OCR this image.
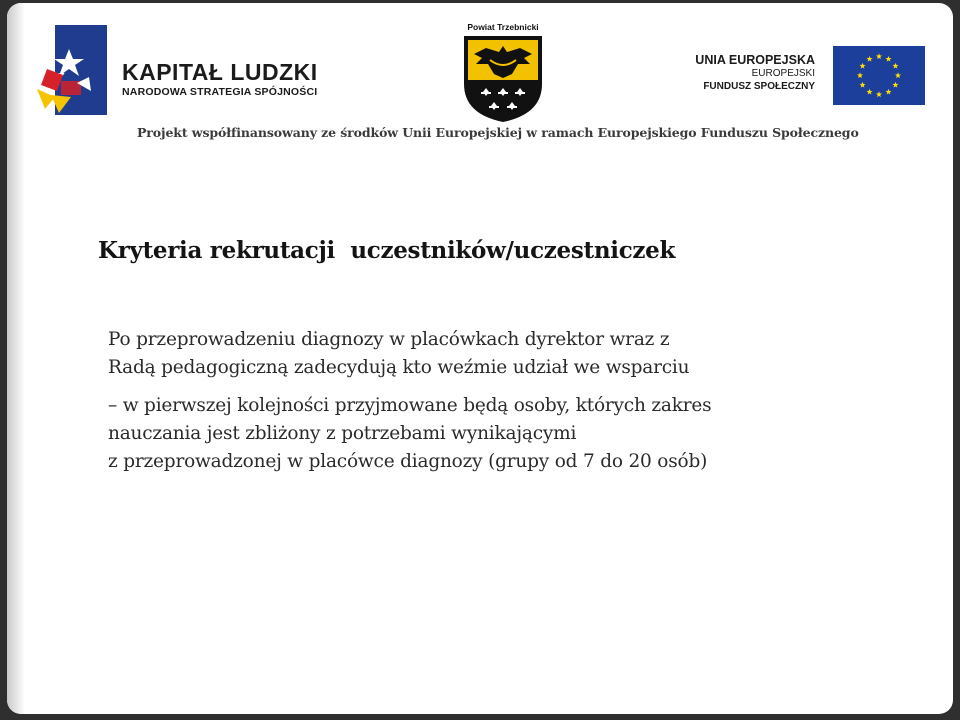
KAPITAŁ LUDZKI
NARODOWA STRATEGIA SPÓJNOŚCI
Powiat Trzebnicki
UNIA EUROPEJSKA
EUROPEJSKI
FUNDUSZ SPOŁECZNY
Projekt współfinansowany ze środków Unii Europejskiej w ramach Europejskiego Funduszu Społecznego
Kryteria rekrutacji  uczestników/uczestniczek
Po przeprowadzeniu diagnozy w placówkach dyrektor wraz z
Radą pedagogiczną zadecydują kto weźmie udział we wsparciu
– w pierwszej kolejności przyjmowane będą osoby, których zakres
nauczania jest zbliżony z potrzebami wynikającymi
z przeprowadzonej w placówce diagnozy (grupy od 7 do 20 osób)
